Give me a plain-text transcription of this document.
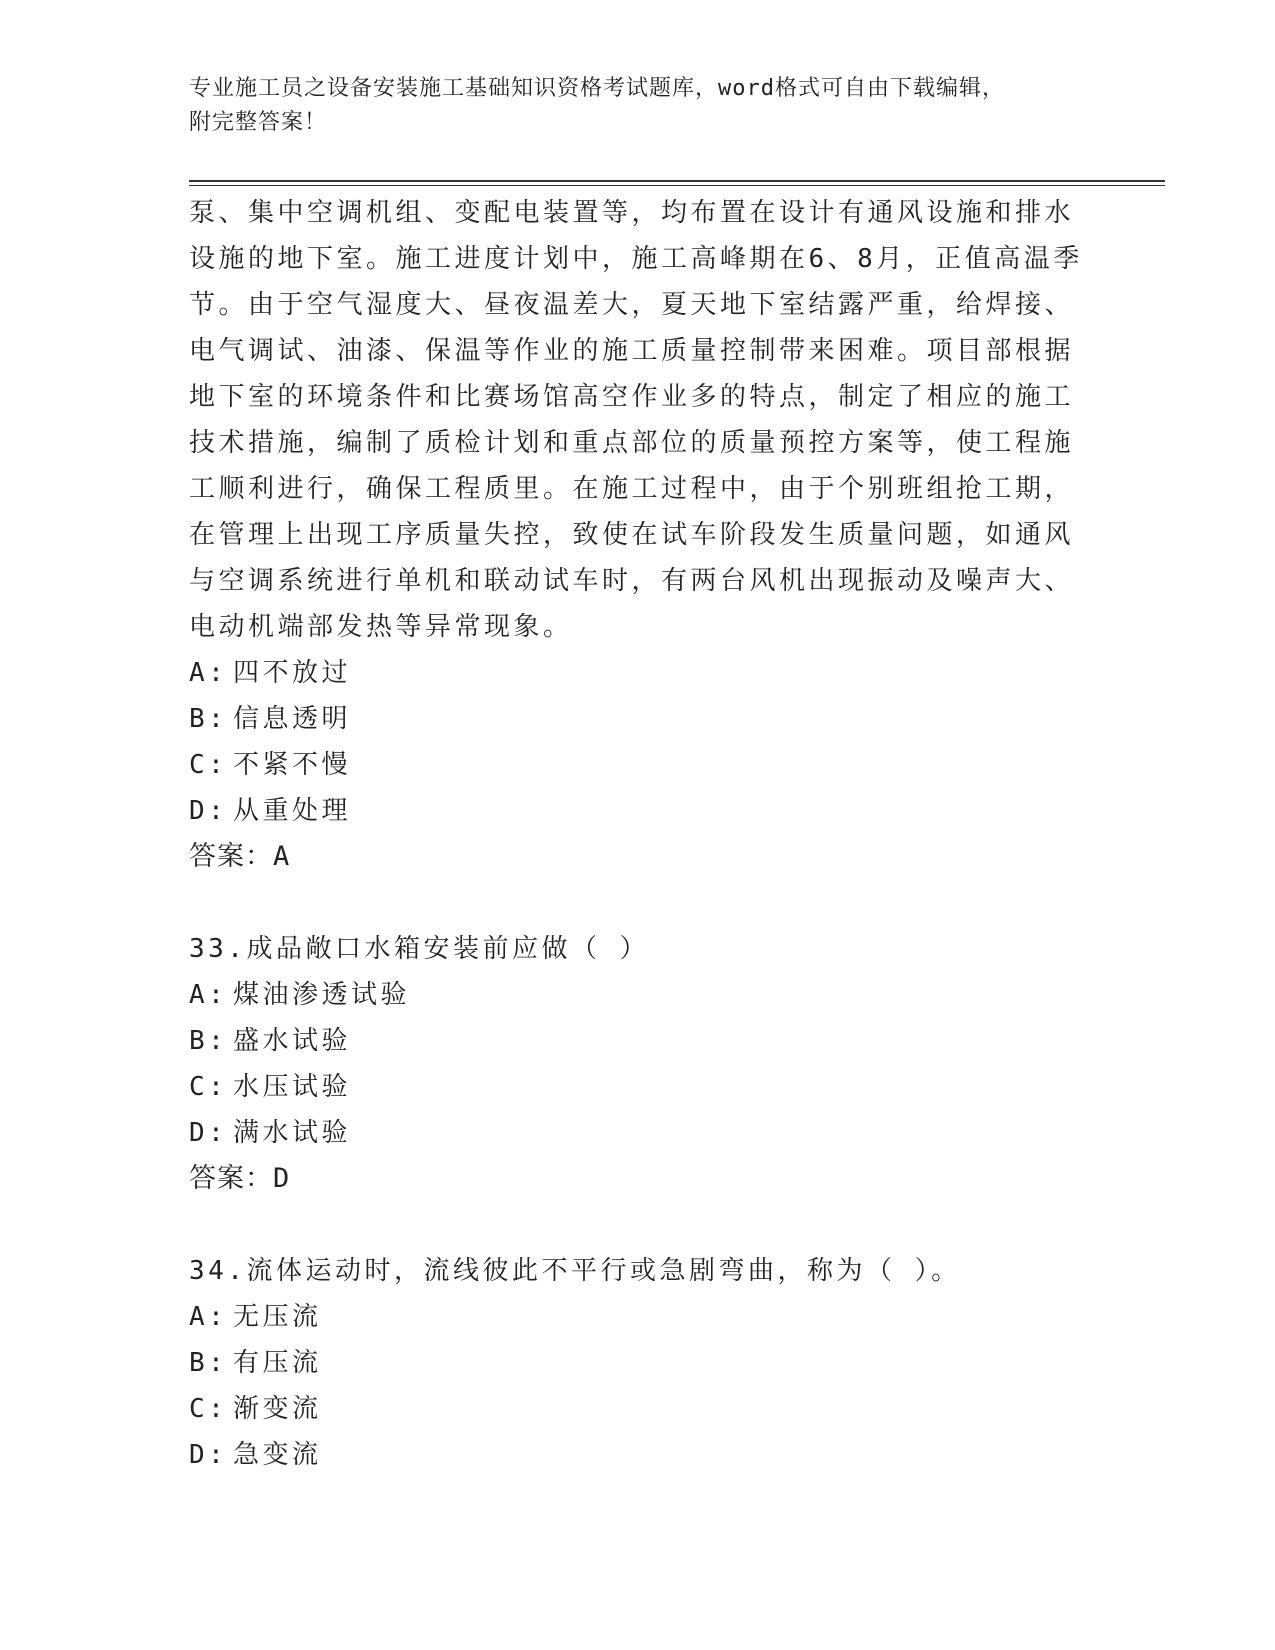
专业施工员之设备安装施工基础知识资格考试题库，word格式可自由下载编辑，
附完整答案！

泵、集中空调机组、变配电装置等，均布置在设计有通风设施和排水

设施的地下室。施工进度计划中，施工高峰期在6、8月，正值高温季

节。由于空气湿度大、昼夜温差大，夏天地下室结露严重，给焊接、

电气调试、油漆、保温等作业的施工质量控制带来困难。项目部根据

地下室的环境条件和比赛场馆高空作业多的特点，制定了相应的施工

技术措施，编制了质检计划和重点部位的质量预控方案等，使工程施

工顺利进行，确保工程质里。在施工过程中，由于个别班组抢工期，

在管理上出现工序质量失控，致使在试车阶段发生质量问题，如通风

与空调系统进行单机和联动试车时，有两台风机出现振动及噪声大、

电动机端部发热等异常现象。

A: 四不放过

B: 信息透明

C: 不紧不慢

D: 从重处理

答案：A

33.成品敞口水箱安装前应做（ ）

A: 煤油渗透试验

B: 盛水试验

C: 水压试验

D: 满水试验

答案：D

34.流体运动时，流线彼此不平行或急剧弯曲，称为（ ）。

A: 无压流

B: 有压流

C: 渐变流

D: 急变流
